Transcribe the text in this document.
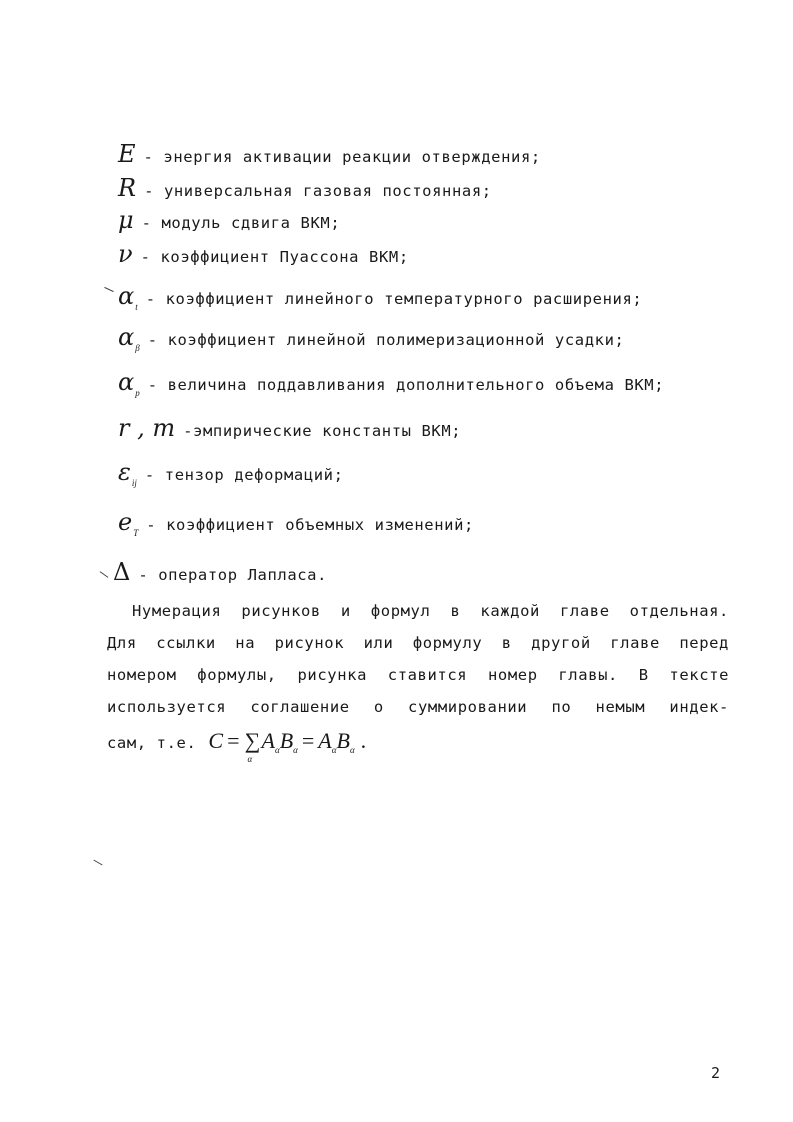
E - энергия активации реакции отверждения;
R - универсальная газовая постоянная;
μ - модуль сдвига ВКМ;
ν - коэффициент Пуассона ВКМ;
$\alpha_t$ - коэффициент линейного температурного расширения;
$\alpha_\beta$ - коэффициент линейной полимеризационной усадки;
$\alpha_p$ - величина поддавливания дополнительного объема ВКМ;
r , m -эмпирические константы ВКМ;
$\varepsilon_{ij}$ - тензор деформаций;
$e_T$ - коэффициент объемных изменений;
Δ - оператор Лапласа.
Нумерация рисунков и формул в каждой главе отдельная.
Для ссылки на рисунок или формулу в другой главе перед
номером формулы, рисунка ставится номер главы. В тексте
используется соглашение о суммировании по немым индек-
сам, т.е. C = ∑
α
$A_\alpha B_\alpha = A_\alpha B_\alpha$ .
2
